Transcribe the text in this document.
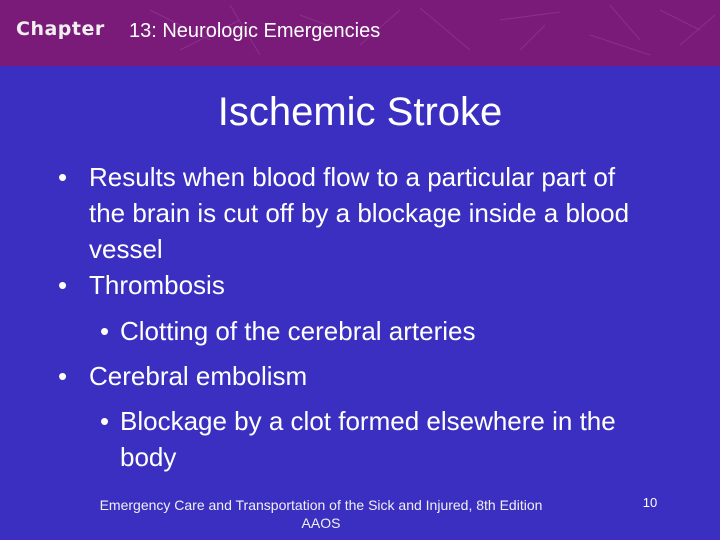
Chapter 13: Neurologic Emergencies
Ischemic Stroke
• Results when blood flow to a particular part of the brain is cut off by a blockage inside a blood vessel
• Thrombosis
• Clotting of the cerebral arteries
• Cerebral embolism
• Blockage by a clot formed elsewhere in the body
Emergency Care and Transportation of the Sick and Injured, 8th Edition
AAOS
10
